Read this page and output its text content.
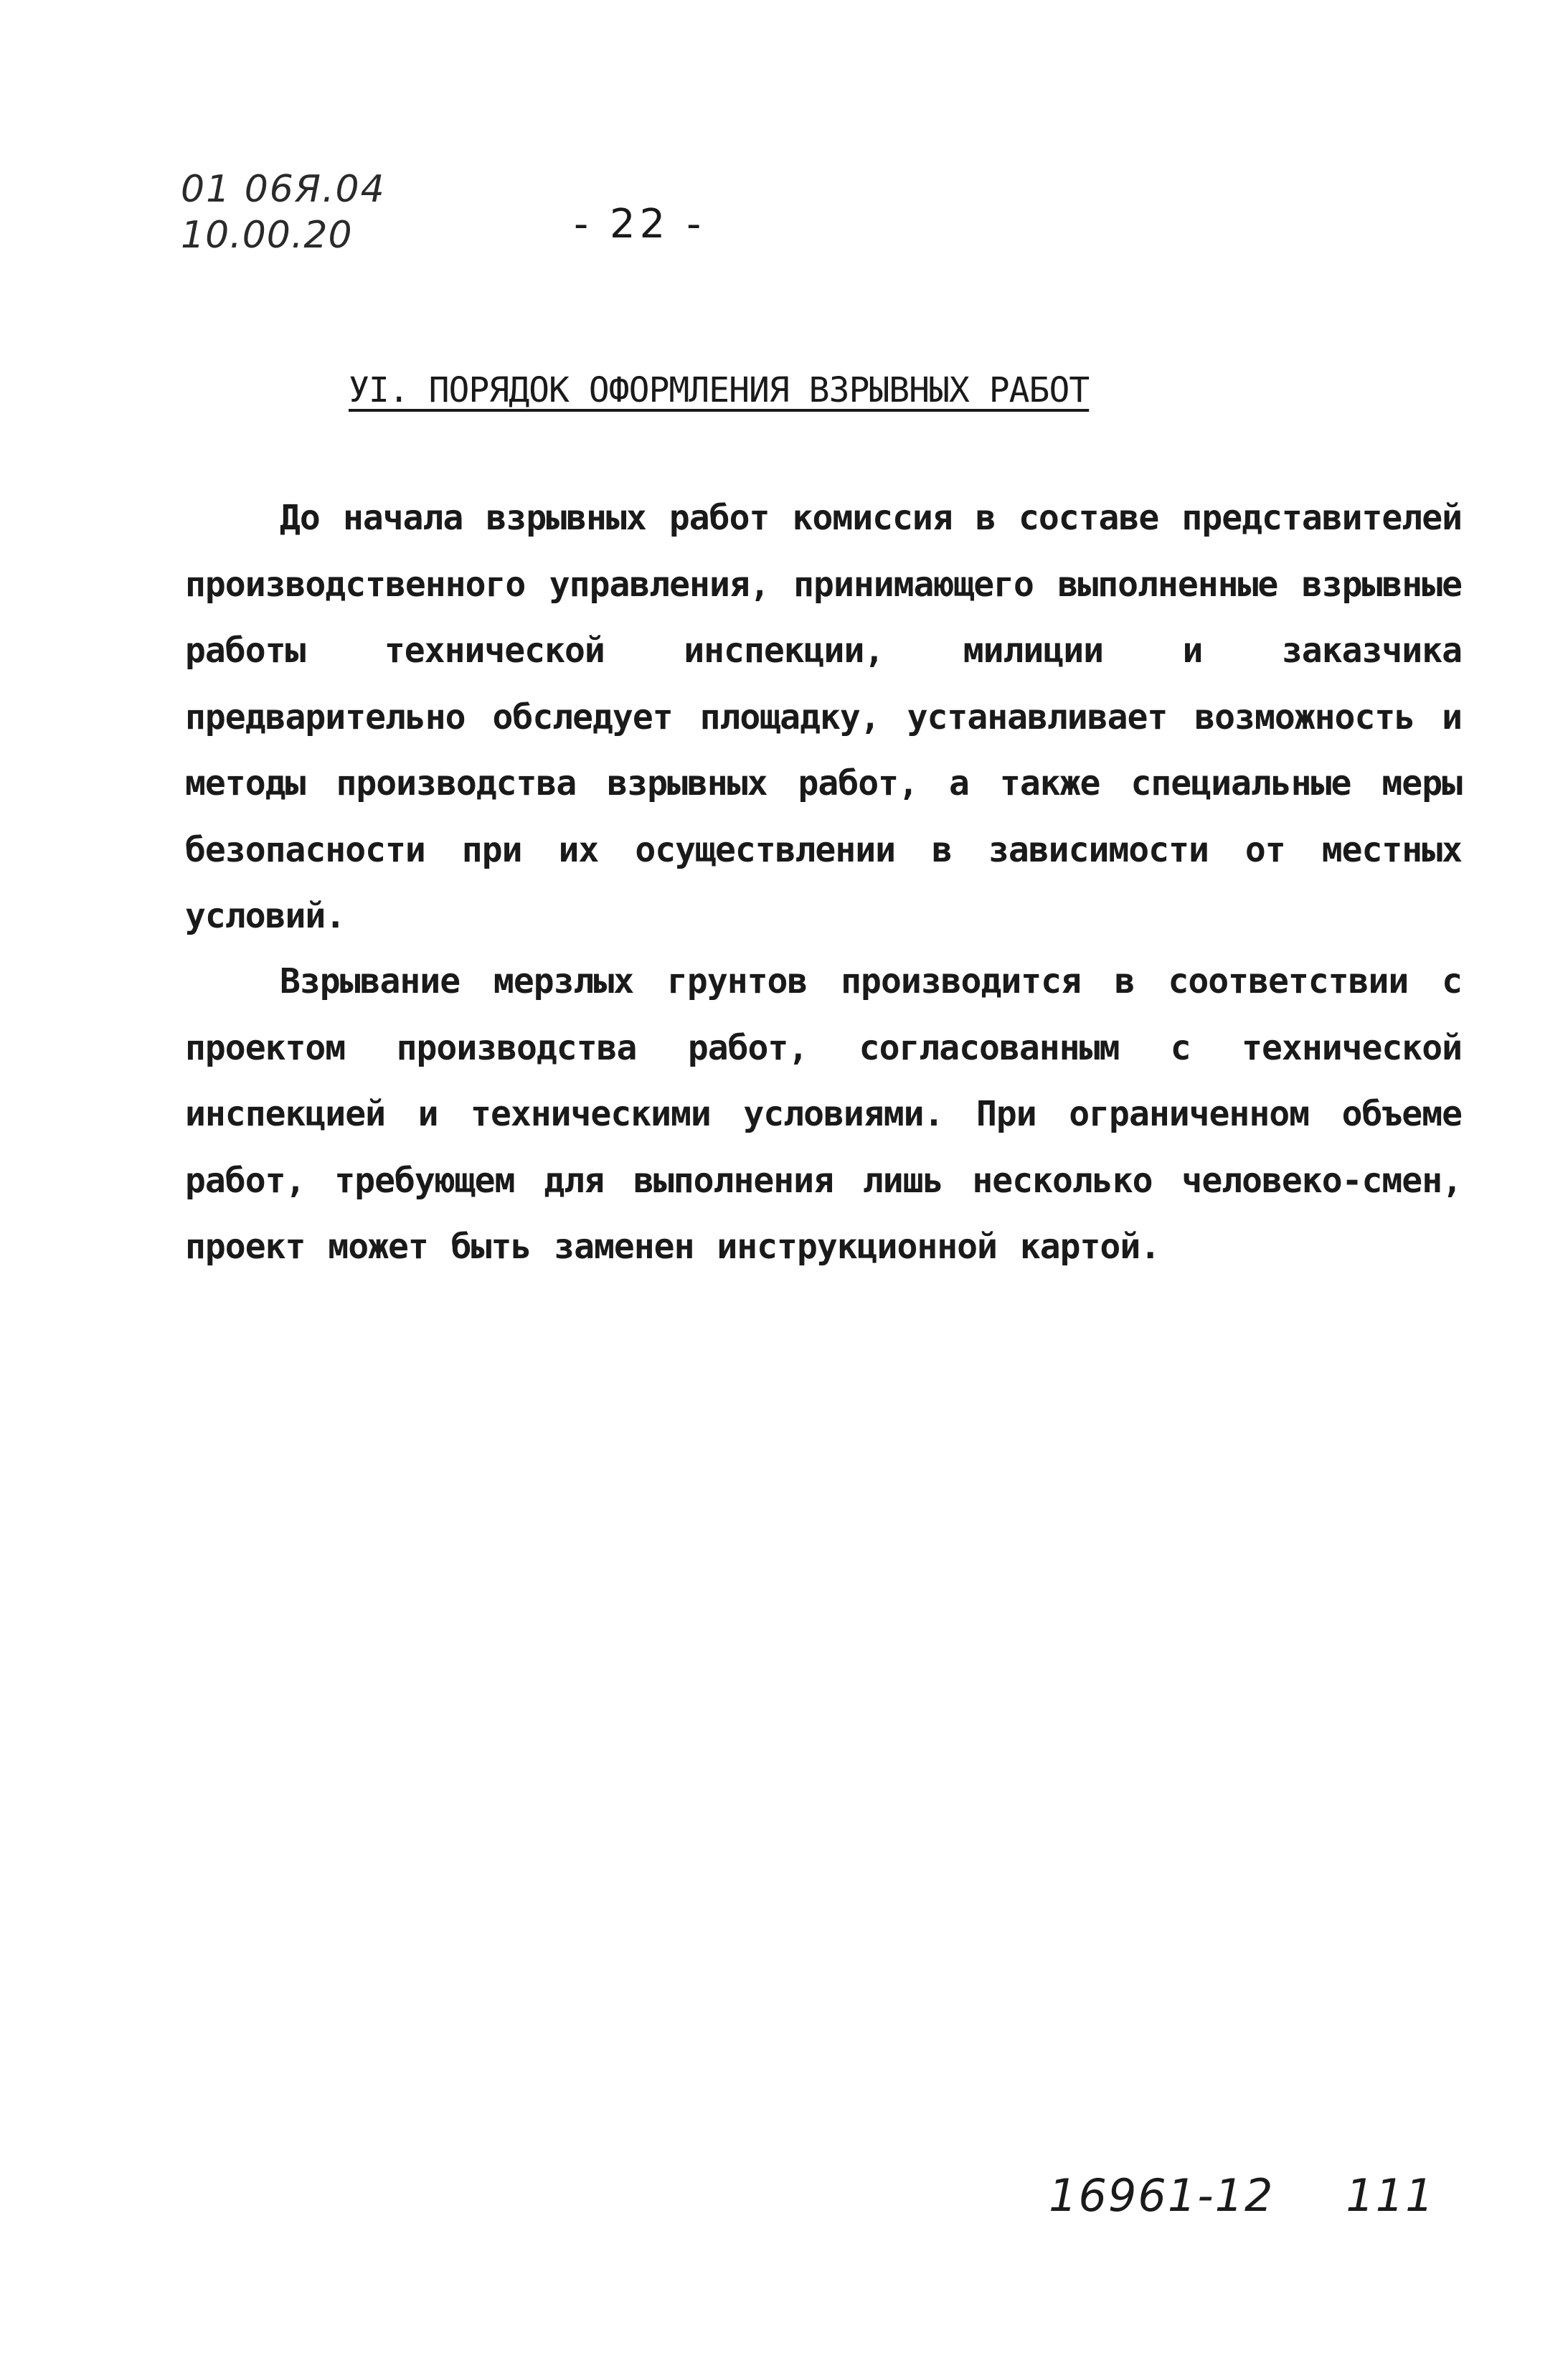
01 06Я.04
10.00.20	- 22 -
УI. ПОРЯДОК ОФОРМЛЕНИЯ ВЗРЫВНЫХ РАБОТ

До начала взрывных работ комиссия в составе представителей производственного управления, принимающего выполненные взрывные работы технической инспекции, милиции и заказчика предварительно обследует площадку, устанавливает возможность и методы производства взрывных работ, а также специальные меры безопасности при их осуществлении в зависимости от местных условий.

Взрывание мерзлых грунтов производится в соответствии с проектом производства работ, согласованным с технической инспекцией и техническими условиями. При ограниченном объеме работ, требующем для выполнения лишь несколько человеко-смен, проект может быть заменен инструкционной картой.

16961-12 111
